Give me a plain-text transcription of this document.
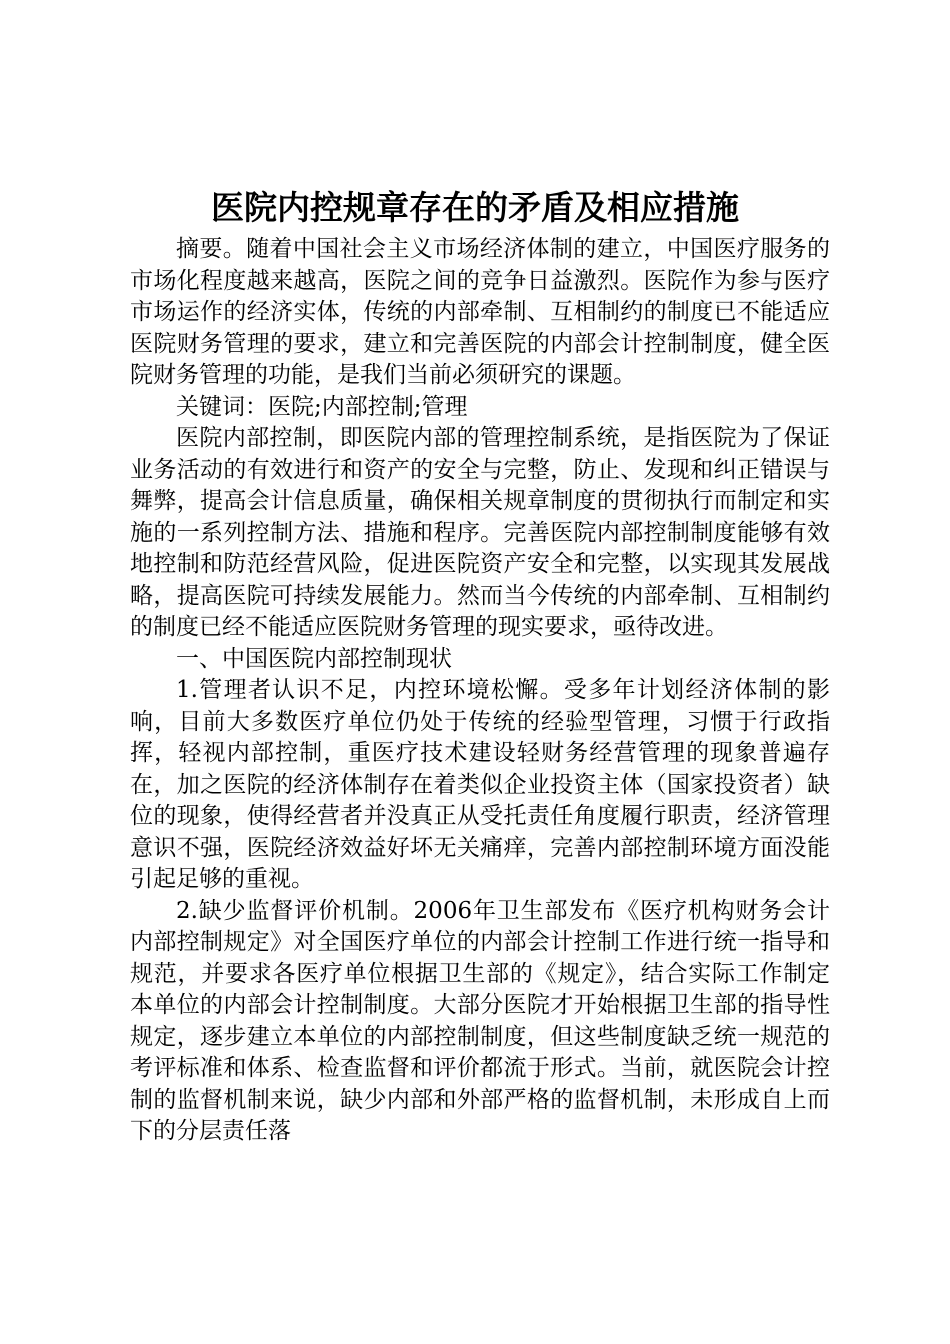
医院内控规章存在的矛盾及相应措施

摘要。随着中国社会主义市场经济体制的建立，中国医疗服务的市场化程度越来越高，医院之间的竞争日益激烈。医院作为参与医疗市场运作的经济实体，传统的内部牵制、互相制约的制度已不能适应医院财务管理的要求，建立和完善医院的内部会计控制制度，健全医院财务管理的功能，是我们当前必须研究的课题。

关键词：医院;内部控制;管理

医院内部控制，即医院内部的管理控制系统，是指医院为了保证业务活动的有效进行和资产的安全与完整，防止、发现和纠正错误与舞弊，提高会计信息质量，确保相关规章制度的贯彻执行而制定和实施的一系列控制方法、措施和程序。完善医院内部控制制度能够有效地控制和防范经营风险，促进医院资产安全和完整，以实现其发展战略，提高医院可持续发展能力。然而当今传统的内部牵制、互相制约的制度已经不能适应医院财务管理的现实要求，亟待改进。

一、中国医院内部控制现状

1.管理者认识不足，内控环境松懈。受多年计划经济体制的影响，目前大多数医疗单位仍处于传统的经验型管理，习惯于行政指挥，轻视内部控制，重医疗技术建设轻财务经营管理的现象普遍存在，加之医院的经济体制存在着类似企业投资主体（国家投资者）缺位的现象，使得经营者并没真正从受托责任角度履行职责，经济管理意识不强，医院经济效益好坏无关痛痒，完善内部控制环境方面没能引起足够的重视。

2.缺少监督评价机制。2006年卫生部发布《医疗机构财务会计内部控制规定》对全国医疗单位的内部会计控制工作进行统一指导和规范，并要求各医疗单位根据卫生部的《规定》，结合实际工作制定本单位的内部会计控制制度。大部分医院才开始根据卫生部的指导性规定，逐步建立本单位的内部控制制度，但这些制度缺乏统一规范的考评标准和体系、检查监督和评价都流于形式。当前，就医院会计控制的监督机制来说，缺少内部和外部严格的监督机制，未形成自上而下的分层责任落
